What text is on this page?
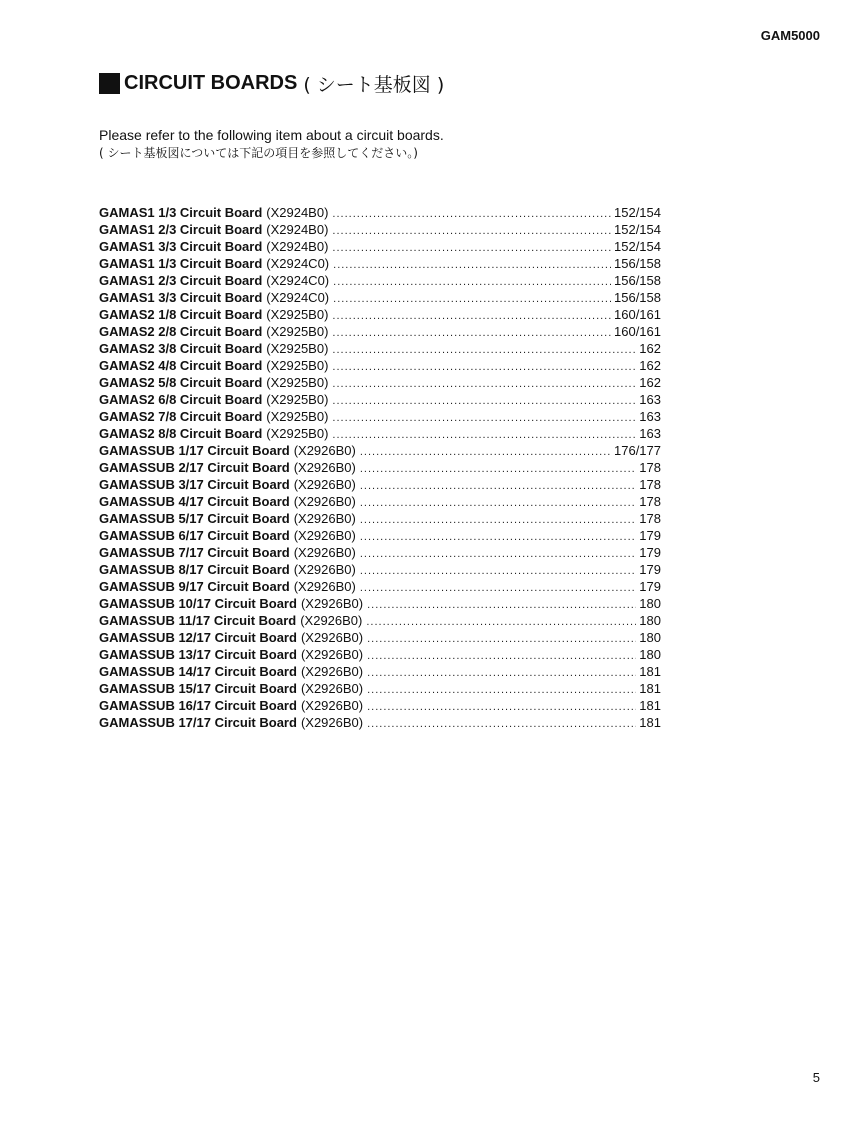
GAM5000
CIRCUIT BOARDS ( シート基板図 )
Please refer to the following item about a circuit boards.
( シート基板図については下記の項目を参照してください。)
GAMAS1 1/3 Circuit Board (X2924B0) .....	152/154
GAMAS1 2/3 Circuit Board (X2924B0) .....	152/154
GAMAS1 3/3 Circuit Board (X2924B0) .....	152/154
GAMAS1 1/3 Circuit Board (X2924C0) .....	156/158
GAMAS1 2/3 Circuit Board (X2924C0) .....	156/158
GAMAS1 3/3 Circuit Board (X2924C0) .....	156/158
GAMAS2 1/8 Circuit Board (X2925B0) .....	160/161
GAMAS2 2/8 Circuit Board (X2925B0) .....	160/161
GAMAS2 3/8 Circuit Board (X2925B0) .....	162
GAMAS2 4/8 Circuit Board (X2925B0) .....	162
GAMAS2 5/8 Circuit Board (X2925B0) .....	162
GAMAS2 6/8 Circuit Board (X2925B0) .....	163
GAMAS2 7/8 Circuit Board (X2925B0) .....	163
GAMAS2 8/8 Circuit Board (X2925B0) .....	163
GAMASSUB 1/17 Circuit Board (X2926B0) .....	176/177
GAMASSUB 2/17 Circuit Board (X2926B0) .....	178
GAMASSUB 3/17 Circuit Board (X2926B0) .....	178
GAMASSUB 4/17 Circuit Board (X2926B0) .....	178
GAMASSUB 5/17 Circuit Board (X2926B0) .....	178
GAMASSUB 6/17 Circuit Board (X2926B0) .....	179
GAMASSUB 7/17 Circuit Board (X2926B0) .....	179
GAMASSUB 8/17 Circuit Board (X2926B0) .....	179
GAMASSUB 9/17 Circuit Board (X2926B0) .....	179
GAMASSUB 10/17 Circuit Board (X2926B0) .....	180
GAMASSUB 11/17 Circuit Board (X2926B0) .....	180
GAMASSUB 12/17 Circuit Board (X2926B0) .....	180
GAMASSUB 13/17 Circuit Board (X2926B0) .....	180
GAMASSUB 14/17 Circuit Board (X2926B0) .....	181
GAMASSUB 15/17 Circuit Board (X2926B0) .....	181
GAMASSUB 16/17 Circuit Board (X2926B0) .....	181
GAMASSUB 17/17 Circuit Board (X2926B0) .....	181
5
